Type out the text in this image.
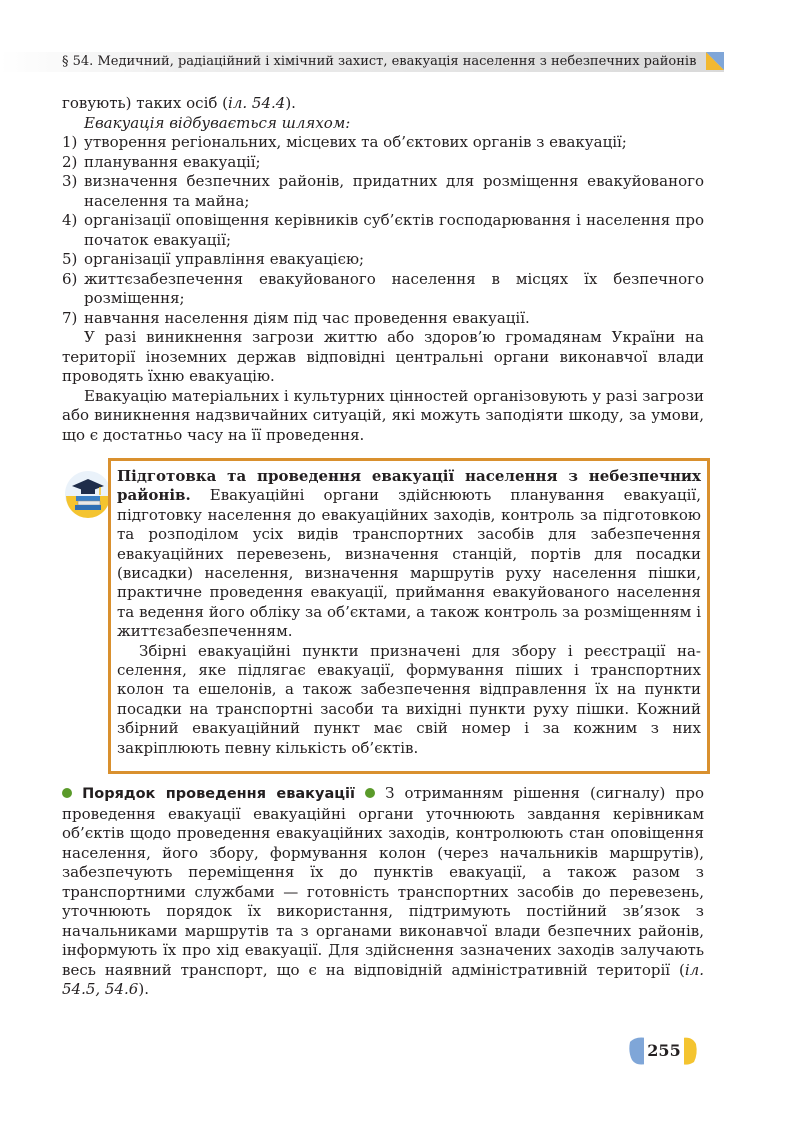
§ 54. Медичний, радіаційний і хімічний захист, евакуація населення з небезпечних районів

говують) таких осіб (іл. 54.4).

Евакуація відбувається шляхом:

1) утворення регіональних, місцевих та об’єктових органів з евакуації;
2) планування евакуації;
3) визначення безпечних районів, придатних для розміщення евакуйованого населення та майна;
4) організації оповіщення керівників суб’єктів господарювання і населення про початок евакуації;
5) організації управління евакуацією;
6) життєзабезпечення евакуйованого населення в місцях їх безпечного розміщення;
7) навчання населення діям під час проведення евакуації.

У разі виникнення загрози життю або здоров’ю громадянам України на території іноземних держав відповідні центральні органи виконавчої влади проводять їхню евакуацію.

Евакуацію матеріальних і культурних цінностей організовують у разі загрози або виникнення надзвичайних ситуацій, які можуть заподіяти шкоду, за умови, що є достатньо часу на її проведення.

Підготовка та проведення евакуації населення з небезпечних районів. Евакуаційні органи здійснюють планування евакуації, підготовку населення до евакуаційних заходів, контроль за підготовкою та розподілом усіх видів транспортних засобів для забезпечення евакуаційних перевезень, визначення станцій, портів для посадки (висадки) населення, визначення маршрутів руху населення пішки, практичне проведення евакуації, приймання евакуйованого населення та ведення його обліку за об’єктами, а також контроль за розміщенням і життєзабезпеченням.

Збірні евакуаційні пункти призначені для збору і реєстрації населення, яке підлягає евакуації, формування піших і транспортних колон та ешелонів, а також забезпечення відправлення їх на пункти посадки на транспортні засоби та вихідні пункти руху пішки. Кожний збірний евакуаційний пункт має свій номер і за кожним з них закріплюють певну кількість об’єктів.

Порядок проведення евакуації  З отриманням рішення (сигналу) про проведення евакуації евакуаційні органи уточнюють завдання керівникам об’єктів щодо проведення евакуаційних заходів, контролюють стан оповіщення населення, його збору, формування колон (через начальників маршрутів), забезпечують переміщення їх до пунктів евакуації, а також разом з транспортними службами — готовність транспортних засобів до перевезень, уточнюють порядок їх використання, підтримують постійний зв’язок з начальниками маршрутів та з органами виконавчої влади безпечних районів, інформують їх про хід евакуації. Для здійснення зазначених заходів залучають весь наявний транспорт, що є на відповідній адміністративній території (іл. 54.5, 54.6).

255
